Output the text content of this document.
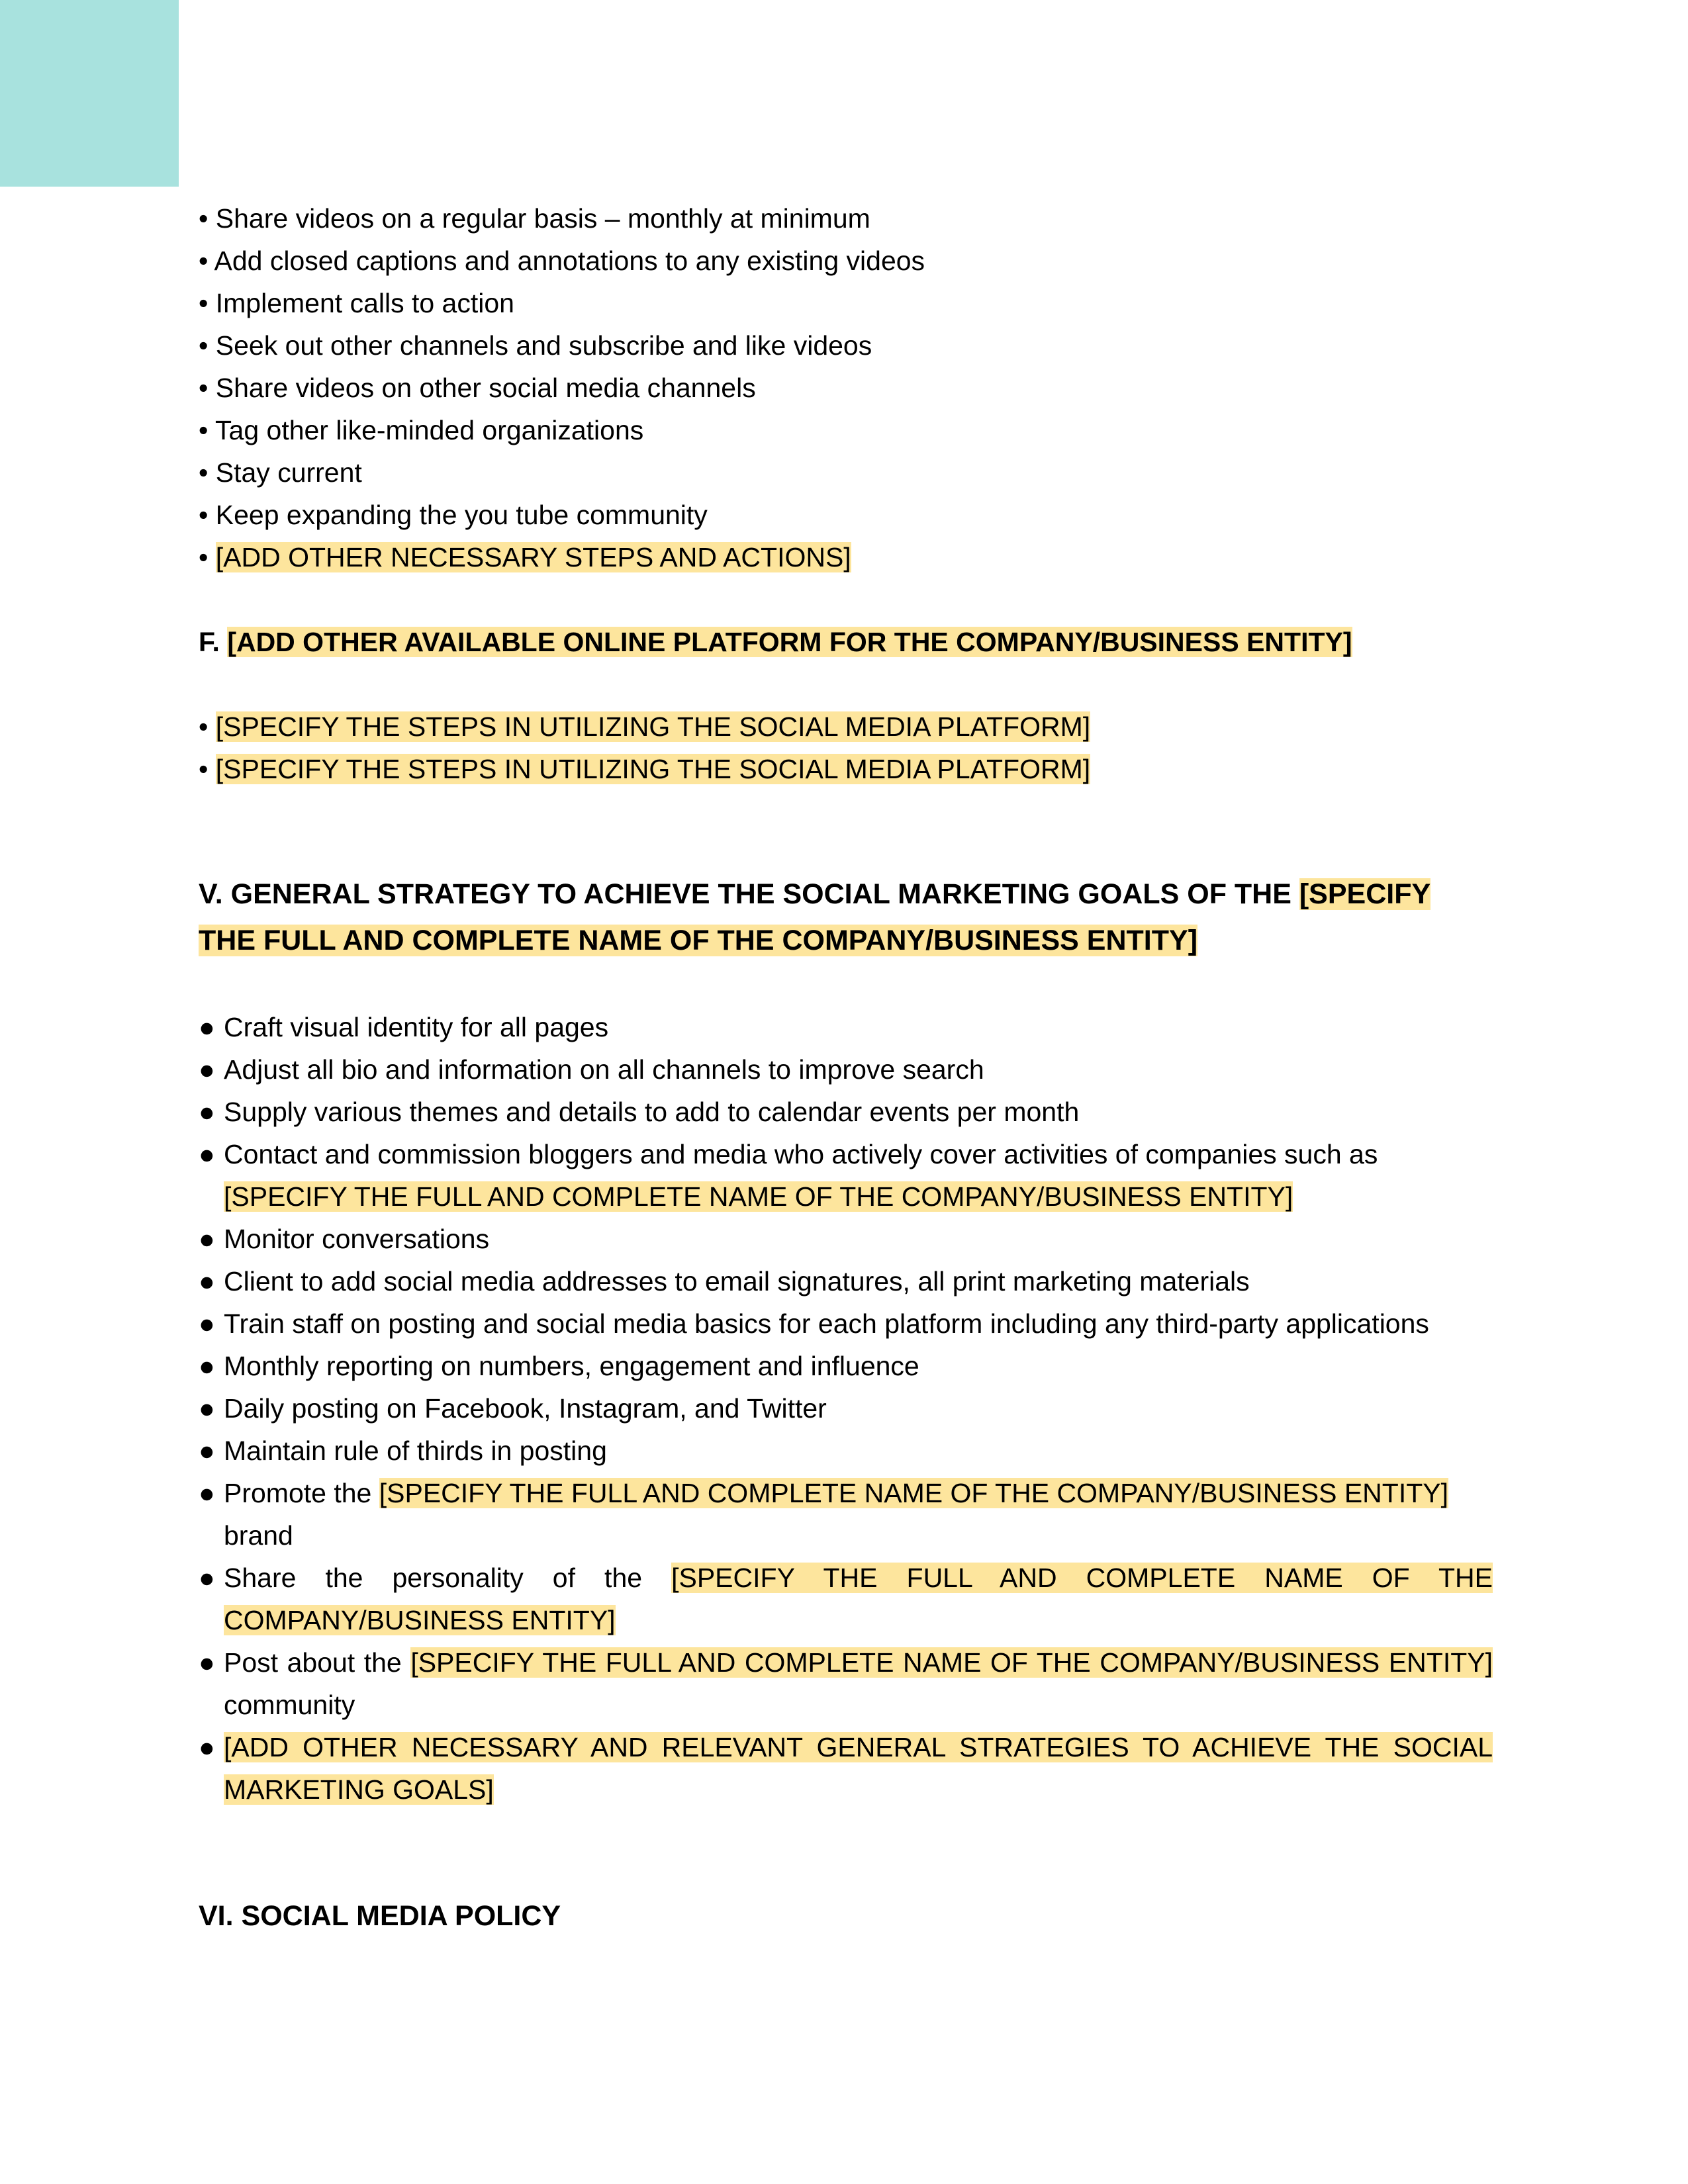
• Share videos on a regular basis – monthly at minimum
• Add closed captions and annotations to any existing videos
• Implement calls to action
• Seek out other channels and subscribe and like videos
• Share videos on other social media channels
• Tag other like-minded organizations
• Stay current
• Keep expanding the you tube community
• [ADD OTHER NECESSARY STEPS AND ACTIONS]
F. [ADD OTHER AVAILABLE ONLINE PLATFORM FOR THE COMPANY/BUSINESS ENTITY]
• [SPECIFY THE STEPS IN UTILIZING THE SOCIAL MEDIA PLATFORM]
• [SPECIFY THE STEPS IN UTILIZING THE SOCIAL MEDIA PLATFORM]
V. GENERAL STRATEGY TO ACHIEVE THE SOCIAL MARKETING GOALS OF THE [SPECIFY THE FULL AND COMPLETE NAME OF THE COMPANY/BUSINESS ENTITY]
● Craft visual identity for all pages
● Adjust all bio and information on all channels to improve search
● Supply various themes and details to add to calendar events per month
● Contact and commission bloggers and media who actively cover activities of companies such as [SPECIFY THE FULL AND COMPLETE NAME OF THE COMPANY/BUSINESS ENTITY]
● Monitor conversations
● Client to add social media addresses to email signatures, all print marketing materials
● Train staff on posting and social media basics for each platform including any third-party applications
● Monthly reporting on numbers, engagement and influence
● Daily posting on Facebook, Instagram, and Twitter
● Maintain rule of thirds in posting
● Promote the [SPECIFY THE FULL AND COMPLETE NAME OF THE COMPANY/BUSINESS ENTITY] brand
● Share the personality of the [SPECIFY THE FULL AND COMPLETE NAME OF THE COMPANY/BUSINESS ENTITY]
● Post about the [SPECIFY THE FULL AND COMPLETE NAME OF THE COMPANY/BUSINESS ENTITY] community
● [ADD OTHER NECESSARY AND RELEVANT GENERAL STRATEGIES TO ACHIEVE THE SOCIAL MARKETING GOALS]
VI. SOCIAL MEDIA POLICY
